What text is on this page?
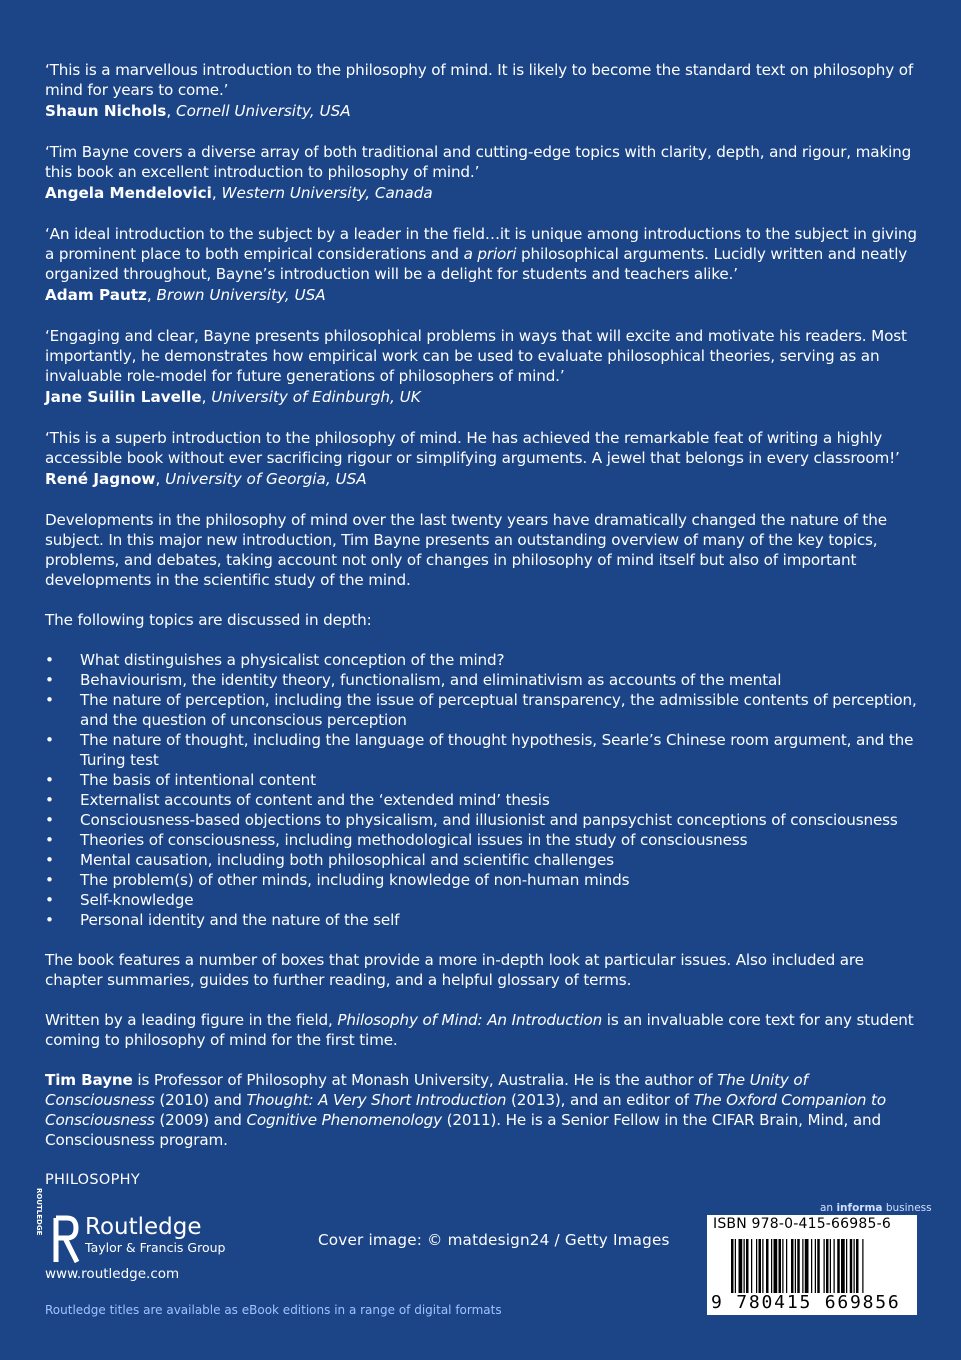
‘This is a marvellous introduction to the philosophy of mind. It is likely to become the standard text on philosophy of mind for years to come.’

Shaun Nichols, Cornell University, USA

‘Tim Bayne covers a diverse array of both traditional and cutting-edge topics with clarity, depth, and rigour, making this book an excellent introduction to philosophy of mind.’

Angela Mendelovici, Western University, Canada

‘An ideal introduction to the subject by a leader in the field…it is unique among introductions to the subject in giving a prominent place to both empirical considerations and a priori philosophical arguments. Lucidly written and neatly organized throughout, Bayne’s introduction will be a delight for students and teachers alike.’

Adam Pautz, Brown University, USA

‘Engaging and clear, Bayne presents philosophical problems in ways that will excite and motivate his readers. Most importantly, he demonstrates how empirical work can be used to evaluate philosophical theories, serving as an invaluable role-model for future generations of philosophers of mind.’

Jane Suilin Lavelle, University of Edinburgh, UK

‘This is a superb introduction to the philosophy of mind. He has achieved the remarkable feat of writing a highly accessible book without ever sacrificing rigour or simplifying arguments. A jewel that belongs in every classroom!’

René Jagnow, University of Georgia, USA

Developments in the philosophy of mind over the last twenty years have dramatically changed the nature of the subject. In this major new introduction, Tim Bayne presents an outstanding overview of many of the key topics, problems, and debates, taking account not only of changes in philosophy of mind itself but also of important developments in the scientific study of the mind.

The following topics are discussed in depth:

• What distinguishes a physicalist conception of the mind?
• Behaviourism, the identity theory, functionalism, and eliminativism as accounts of the mental
• The nature of perception, including the issue of perceptual transparency, the admissible contents of perception, and the question of unconscious perception
• The nature of thought, including the language of thought hypothesis, Searle’s Chinese room argument, and the Turing test
• The basis of intentional content
• Externalist accounts of content and the ‘extended mind’ thesis
• Consciousness-based objections to physicalism, and illusionist and panpsychist conceptions of consciousness
• Theories of consciousness, including methodological issues in the study of consciousness
• Mental causation, including both philosophical and scientific challenges
• The problem(s) of other minds, including knowledge of non-human minds
• Self-knowledge
• Personal identity and the nature of the self

The book features a number of boxes that provide a more in-depth look at particular issues. Also included are chapter summaries, guides to further reading, and a helpful glossary of terms.

Written by a leading figure in the field, Philosophy of Mind: An Introduction is an invaluable core text for any student coming to philosophy of mind for the first time.

Tim Bayne is Professor of Philosophy at Monash University, Australia. He is the author of The Unity of Consciousness (2010) and Thought: A Very Short Introduction (2013), and an editor of The Oxford Companion to Consciousness (2009) and Cognitive Phenomenology (2011). He is a Senior Fellow in the CIFAR Brain, Mind, and Consciousness program.

PHILOSOPHY

ROUTLEDGE Routledge
Taylor & Francis Group
www.routledge.com
Routledge titles are available as eBook editions in a range of digital formats
Cover image: © matdesign24 / Getty Images
an informa business
ISBN 978-0-415-66985-6
9 780415 669856
